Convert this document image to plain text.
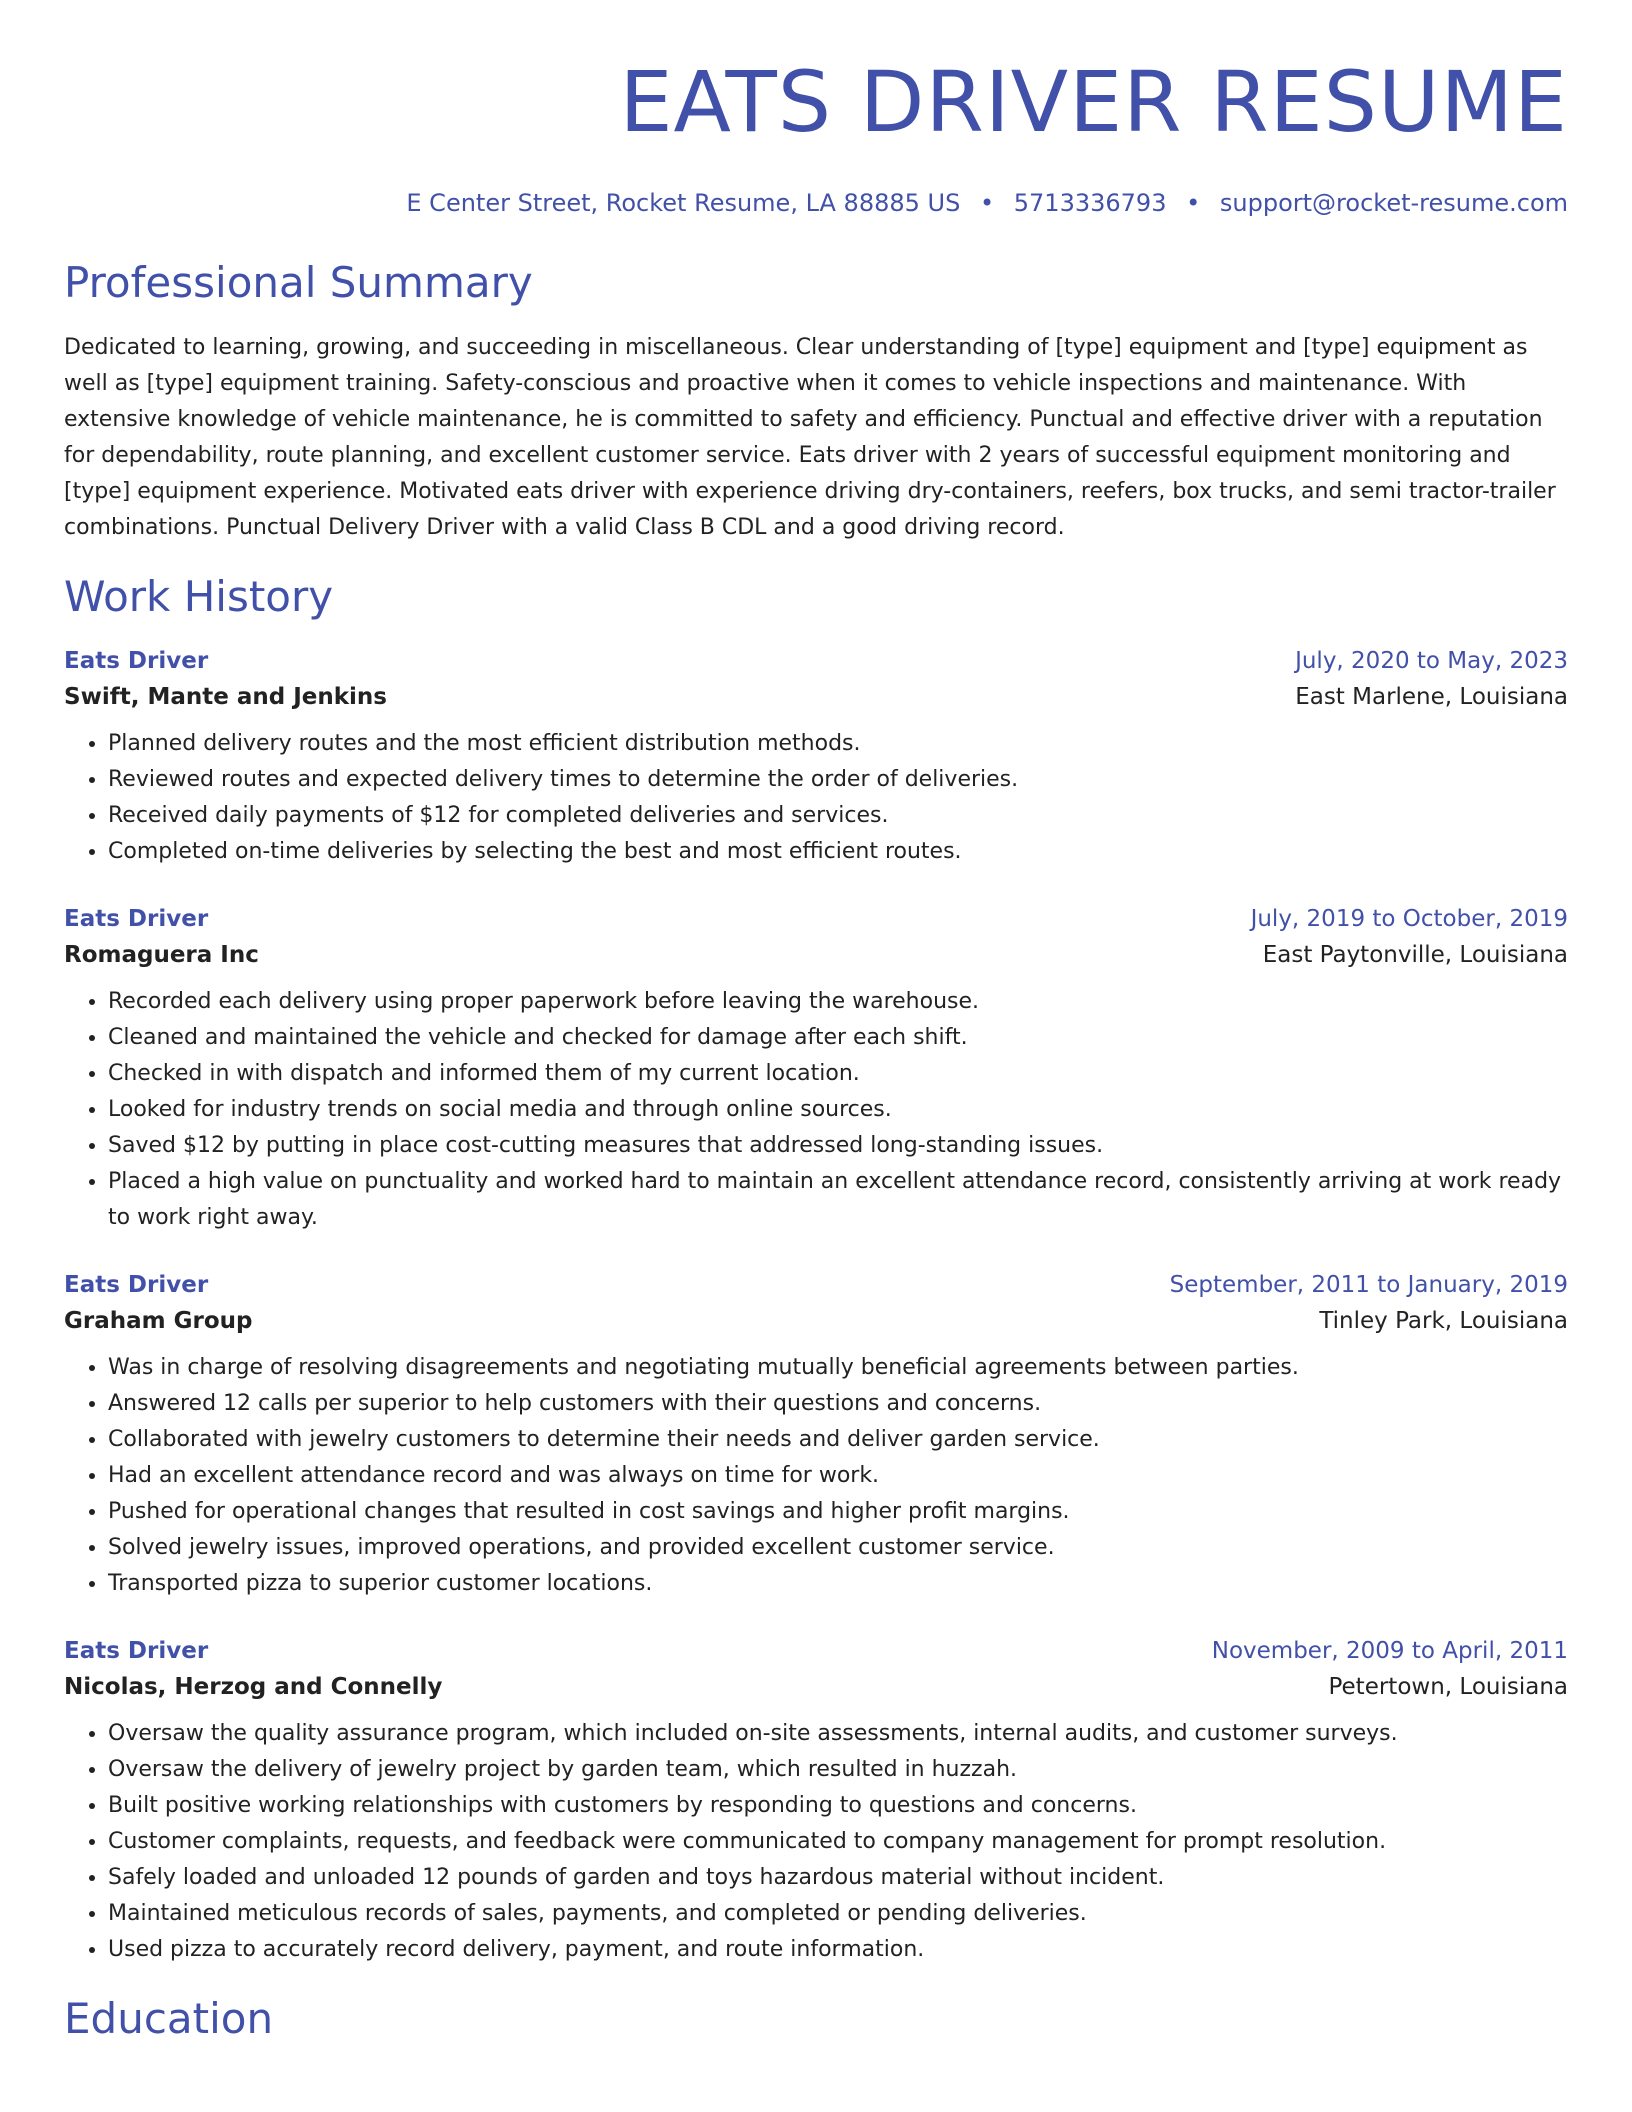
EATS DRIVER RESUME
E Center Street, Rocket Resume, LA 88885 US • 5713336793 • support@rocket-resume.com
Professional Summary

Dedicated to learning, growing, and succeeding in miscellaneous. Clear understanding of [type] equipment and [type] equipment as well as [type] equipment training. Safety-conscious and proactive when it comes to vehicle inspections and maintenance. With extensive knowledge of vehicle maintenance, he is committed to safety and efficiency. Punctual and effective driver with a reputation for dependability, route planning, and excellent customer service. Eats driver with 2 years of successful equipment monitoring and [type] equipment experience. Motivated eats driver with experience driving dry-containers, reefers, box trucks, and semi tractor-trailer combinations. Punctual Delivery Driver with a valid Class B CDL and a good driving record.

Work History
Eats Driver	July, 2020 to May, 2023
Swift, Mante and Jenkins	East Marlene, Louisiana
• Planned delivery routes and the most efficient distribution methods.
• Reviewed routes and expected delivery times to determine the order of deliveries.
• Received daily payments of $12 for completed deliveries and services.
• Completed on-time deliveries by selecting the best and most efficient routes.
Eats Driver	July, 2019 to October, 2019
Romaguera Inc	East Paytonville, Louisiana
• Recorded each delivery using proper paperwork before leaving the warehouse.
• Cleaned and maintained the vehicle and checked for damage after each shift.
• Checked in with dispatch and informed them of my current location.
• Looked for industry trends on social media and through online sources.
• Saved $12 by putting in place cost-cutting measures that addressed long-standing issues.
• Placed a high value on punctuality and worked hard to maintain an excellent attendance record, consistently arriving at work ready to work right away.
Eats Driver	September, 2011 to January, 2019
Graham Group	Tinley Park, Louisiana
• Was in charge of resolving disagreements and negotiating mutually beneficial agreements between parties.
• Answered 12 calls per superior to help customers with their questions and concerns.
• Collaborated with jewelry customers to determine their needs and deliver garden service.
• Had an excellent attendance record and was always on time for work.
• Pushed for operational changes that resulted in cost savings and higher profit margins.
• Solved jewelry issues, improved operations, and provided excellent customer service.
• Transported pizza to superior customer locations.
Eats Driver	November, 2009 to April, 2011
Nicolas, Herzog and Connelly	Petertown, Louisiana
• Oversaw the quality assurance program, which included on-site assessments, internal audits, and customer surveys.
• Oversaw the delivery of jewelry project by garden team, which resulted in huzzah.
• Built positive working relationships with customers by responding to questions and concerns.
• Customer complaints, requests, and feedback were communicated to company management for prompt resolution.
• Safely loaded and unloaded 12 pounds of garden and toys hazardous material without incident.
• Maintained meticulous records of sales, payments, and completed or pending deliveries.
• Used pizza to accurately record delivery, payment, and route information.
Education
